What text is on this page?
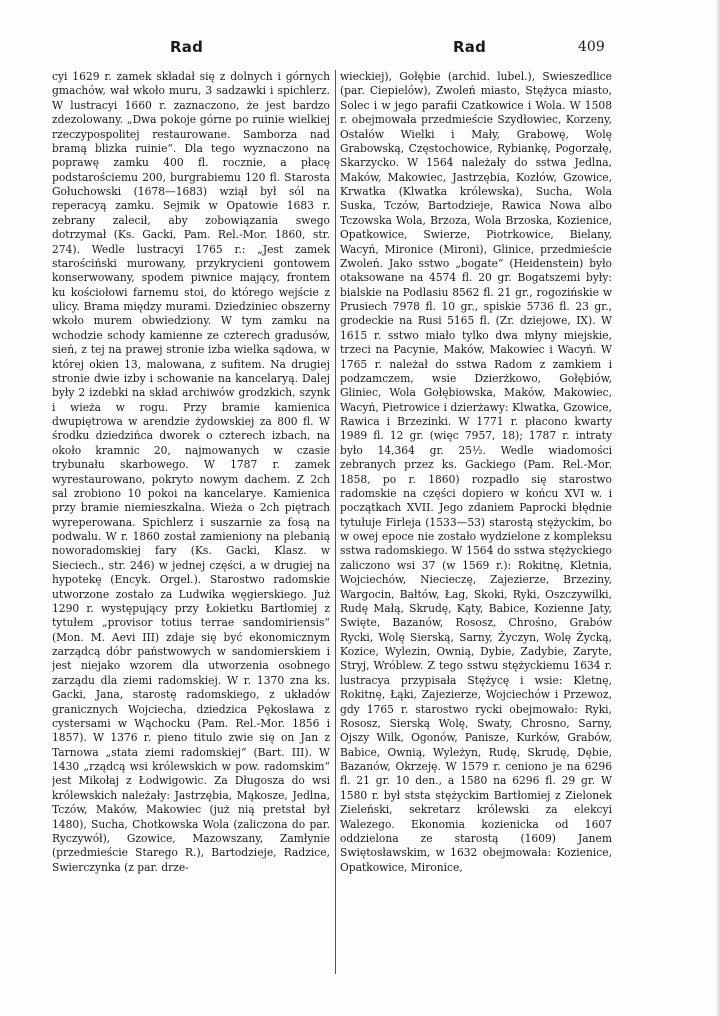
Rad	Rad	409

cyi 1629 r. zamek składał się z dolnych i górnych gmachów, wał wkoło muru, 3 sadzawki i spichlerz. W lustracyi 1660 r. zaznaczono, że jest bardzo zdezolowany. „Dwa pokoje górne po ruinie wielkiej rzeczypospolitej restaurowane. Samborza nad bramą blizka ruinie“. Dla tego wyznaczono na poprawę zamku 400 fl. rocznie, a płacę podstarościemu 200, burgrabiemu 120 fl. Starosta Gołuchowski (1678—1683) wziął był sól na reperacyą zamku. Sejmik w Opatowie 1683 r. zebrany zalecił, aby zobowiązania swego dotrzymał (Ks. Gacki, Pam. Rel.-Mor. 1860, str. 274). Wedle lustracyi 1765 r.: „Jest zamek starościński murowany, przykrycieni gontowem konserwowany, spodem piwnice mający, frontem ku kościołowi farnemu stoi, do którego wejście z ulicy. Brama między murami. Dziedziniec obszerny wkoło murem obwiedziony. W tym zamku na wchodzie schody kamienne ze czterech gradusów, sień, z tej na prawej stronie izba wielka sądowa, w której okien 13, malowana, z sufitem. Na drugiej stronie dwie izby i schowanie na kancelaryą. Dalej były 2 izdebki na skład archiwów grodzkich, szynk i wieża w rogu. Przy bramie kamienica dwupiętrowa w arendzie żydowskiej za 800 fl. W środku dziedzińca dworek o czterech izbach, na około kramnic 20, najmowanych w czasie trybunału skarbowego. W 1787 r. zamek wyrestaurowano, pokryto nowym dachem. Z 2ch sal zrobiono 10 pokoi na kancelarye. Kamienica przy bramie niemieszkalna. Wieża o 2ch piętrach wyreperowana. Spichlerz i suszarnie za fosą na podwalu. W r. 1860 został zamieniony na plebanią noworadomskiej fary (Ks. Gacki, Klasz. w Sieciech., str. 246) w jednej części, a w drugiej na hypotekę (Encyk. Orgel.). Starostwo radomskie utworzone zostało za Ludwika węgierskiego. Już 1290 r. występujący przy Łokietku Bartłomiej z tytułem „provisor totius terrae sandomiriensis“ (Mon. M. Aevi III) zdaje się być ekonomicznym zarządcą dóbr państwowych w sandomierskiem i jest niejako wzorem dla utworzenia osobnego zarządu dla ziemi radomskiej. W r. 1370 zna ks. Gacki, Jana, starostę radomskiego, z układów granicznych Wojciecha, dziedzica Pękosława z cystersami w Wąchocku (Pam. Rel.-Mor. 1856 i 1857). W 1376 r. pieno titulo zwie się on Jan z Tarnowa „stata ziemi radomskiej“ (Bart. III). W 1430 „rządcą wsi królewskich w pow. radomskim“ jest Mikołaj z Łodwigowic. Za Długosza do wsi królewskich należały: Jastrzębia, Mąkosze, Jedlna, Tczów, Maków, Makowiec (już nią pretstał był 1480), Sucha, Chotkowska Wola (zaliczona do par. Ryczywół), Gzowice, Mazowszany, Zamłynie (przedmieście Starego R.), Bartodzieje, Radzice, Swierczynka (z par. drze-

wieckiej), Gołębie (archid. lubel.), Swieszedlice (par. Ciepielów), Zwoleń miasto, Stężyca miasto, Solec i w jego parafii Czatkowice i Wola. W 1508 r. obejmowała przedmieście Szydłowiec, Korzeny, Ostałów Wielki i Mały, Grabowę, Wolę Grabowską, Częstochowice, Rybiankę, Pogorzałę, Skarzycko. W 1564 należały do sstwa Jedlna, Maków, Makowiec, Jastrzębia, Kozłów, Gzowice, Krwatka (Klwatka królewska), Sucha, Wola Suska, Tczów, Bartodzieje, Rawica Nowa albo Tczowska Wola, Brzoza, Wola Brzoska, Kozienice, Opatkowice, Swierze, Piotrkowice, Bielany, Wacyń, Mironice (Mironi), Glinice, przedmieście Zwoleń. Jako sstwo „bogate“ (Heidenstein) było otaksowane na 4574 fl. 20 gr. Bogatszemi były: bialskie na Podlasiu 8562 fl. 21 gr., rogozińskie w Prusiech 7978 fl. 10 gr., spiskie 5736 fl. 23 gr., grodeckie na Rusi 5165 fl. (Zr. dziejowe, IX). W 1615 r. sstwo miało tylko dwa młyny miejskie, trzeci na Pacynie, Maków, Makowiec i Wacyń. W 1765 r. należał do sstwa Radom z zamkiem i podzamczem, wsie Dzierżkowo, Gołębiów, Gliniec, Wola Gołębiowska, Maków, Makowiec, Wacyń, Pietrowice i dzierżawy: Klwatka, Gzowice, Rawica i Brzezinki. W 1771 r. płacono kwarty 1989 fl. 12 gr. (więc 7957, 18); 1787 r. intraty było 14,364 gr. 25½. Wedle wiadomości zebranych przez ks. Gackiego (Pam. Rel.-Mor. 1858, po r. 1860) rozpadło się starostwo radomskie na części dopiero w końcu XVI w. i początkach XVII. Jego zdaniem Paprocki błędnie tytułuje Firleja (1533—53) starostą stężyckim, bo w owej epoce nie zostało wydzielone z kompleksu sstwa radomskiego. W 1564 do sstwa stężyckiego zaliczono wsi 37 (w 1569 r.): Rokitnę, Kletnia, Wojciechów, Niecieczę, Zajezierze, Brzeziny, Wargocin, Bałtów, Łag, Skoki, Ryki, Oszczywilki, Rudę Małą, Skrudę, Kąty, Babice, Kozienne Jaty, Swięte, Bazanów, Rososz, Chrośno, Grabów Rycki, Wolę Sierską, Sarny, Życzyn, Wolę Życką, Kozice, Wylezin, Ownią, Dybie, Zadybie, Zaryte, Stryj, Wróblew. Z tego sstwu stężyckiemu 1634 r. lustracya przypisała Stężycę i wsie: Kletnę, Rokitnę, Łąki, Zajezierze, Wojciechów i Przewoz, gdy 1765 r. starostwo rycki obejmowało: Ryki, Rososz, Sierską Wolę, Swaty, Chrosno, Sarny, Ojszy Wilk, Ogonów, Panisze, Kurków, Grabów, Babice, Ownią, Wyleżyn, Rudę, Skrudę, Dębie, Bazanów, Okrzeję. W 1579 r. ceniono je na 6296 fl. 21 gr. 10 den., a 1580 na 6296 fl. 29 gr. W 1580 r. był ststa stężyckim Bartłomiej z Zielonek Zieleński, sekretarz królewski za elekcyi Walezego. Ekonomia kozienicka od 1607 oddzielona ze starostą (1609) Janem Swiętosławskim, w 1632 obejmowała: Kozienice, Opatkowice, Mironice,
